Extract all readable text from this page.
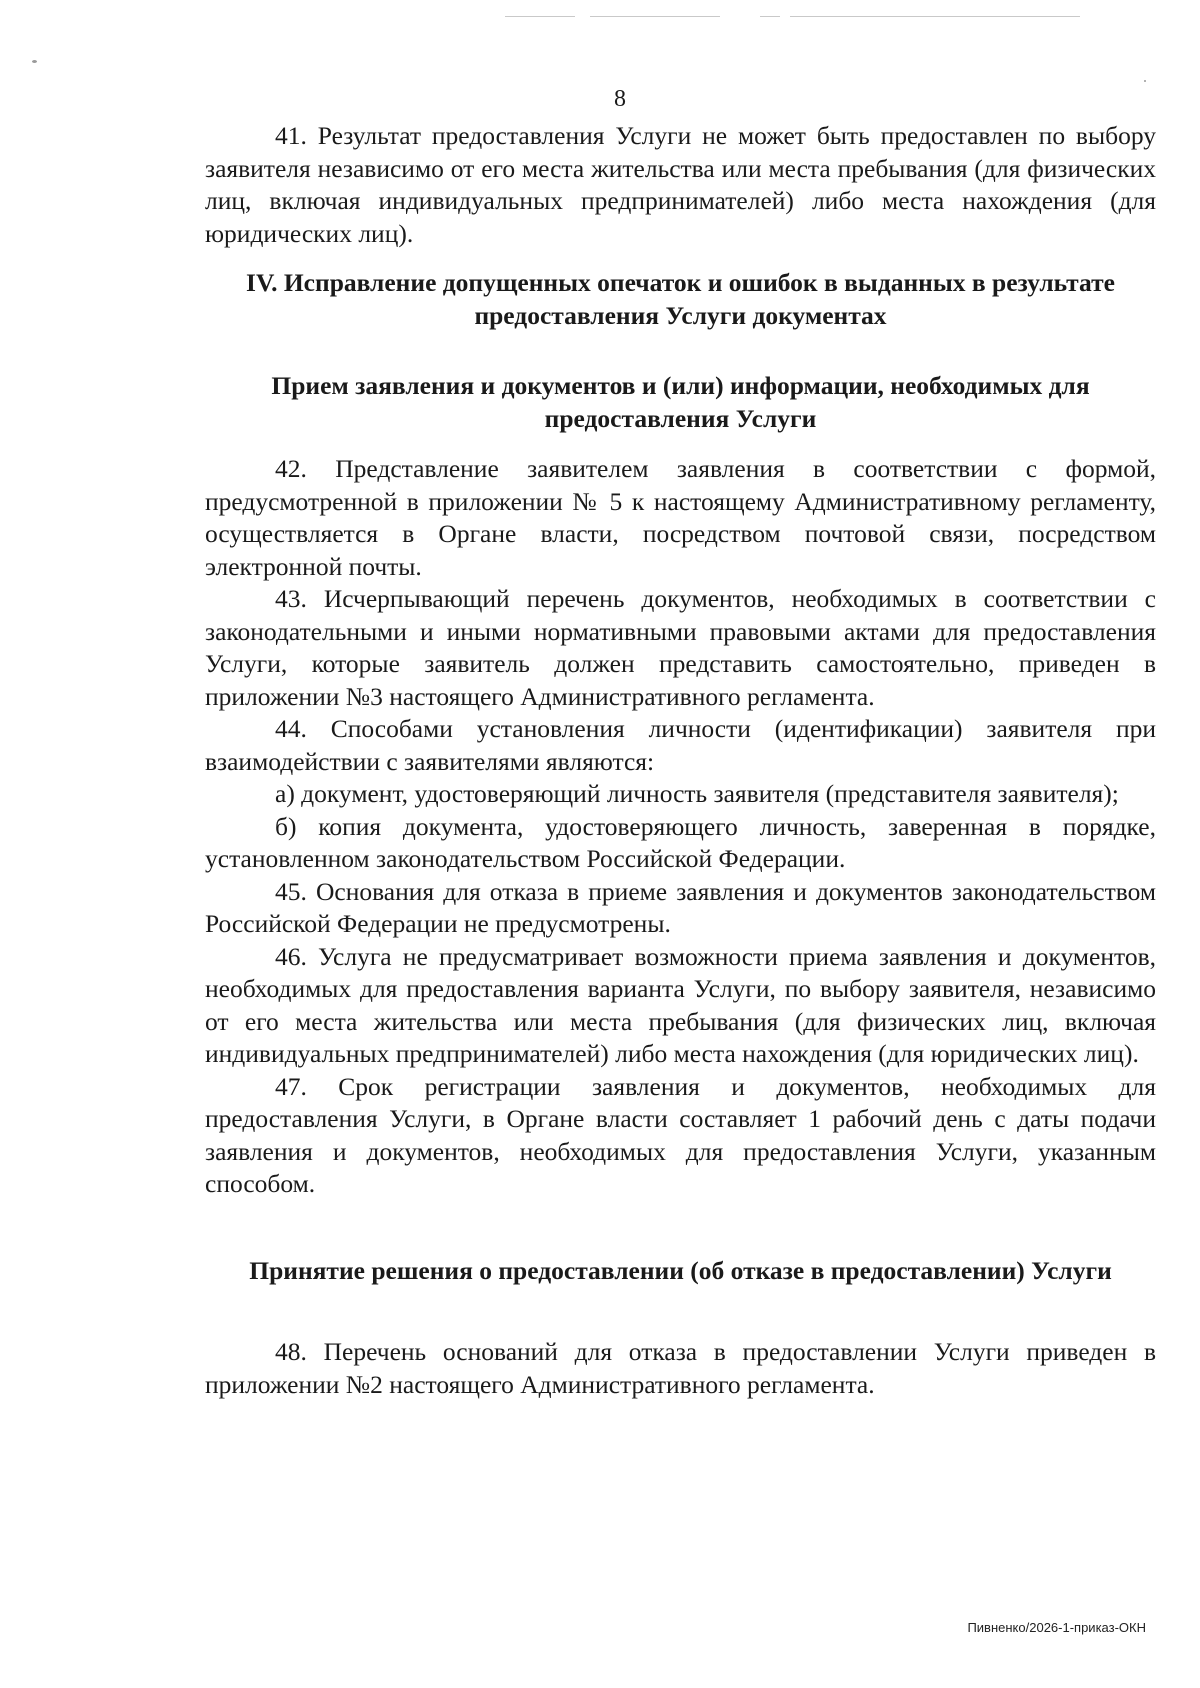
8

41. Результат предоставления Услуги не может быть предоставлен по выбору заявителя независимо от его места жительства или места пребывания (для физических лиц, включая индивидуальных предпринимателей) либо места нахождения (для юридических лиц).

IV. Исправление допущенных опечаток и ошибок в выданных в результате предоставления Услуги документах
Прием заявления и документов и (или) информации, необходимых для предоставления Услуги

42. Представление заявителем заявления в соответствии с формой, предусмотренной в приложении № 5 к настоящему Административному регламенту, осуществляется в Органе власти, посредством почтовой связи, посредством электронной почты.

43. Исчерпывающий перечень документов, необходимых в соответствии с законодательными и иными нормативными правовыми актами для предоставления Услуги, которые заявитель должен представить самостоятельно, приведен в приложении №3 настоящего Административного регламента.

44. Способами установления личности (идентификации) заявителя при взаимодействии с заявителями являются:

а) документ, удостоверяющий личность заявителя (представителя заявителя);

б) копия документа, удостоверяющего личность, заверенная в порядке, установленном законодательством Российской Федерации.

45. Основания для отказа в приеме заявления и документов законодательством Российской Федерации не предусмотрены.

46. Услуга не предусматривает возможности приема заявления и документов, необходимых для предоставления варианта Услуги, по выбору заявителя, независимо от его места жительства или места пребывания (для физических лиц, включая индивидуальных предпринимателей) либо места нахождения (для юридических лиц).

47. Срок регистрации заявления и документов, необходимых для предоставления Услуги, в Органе власти составляет 1 рабочий день с даты подачи заявления и документов, необходимых для предоставления Услуги, указанным способом.

Принятие решения о предоставлении (об отказе в предоставлении) Услуги

48. Перечень оснований для отказа в предоставлении Услуги приведен в приложении №2 настоящего Административного регламента.

Пивненко/2026-1-приказ-ОКН
